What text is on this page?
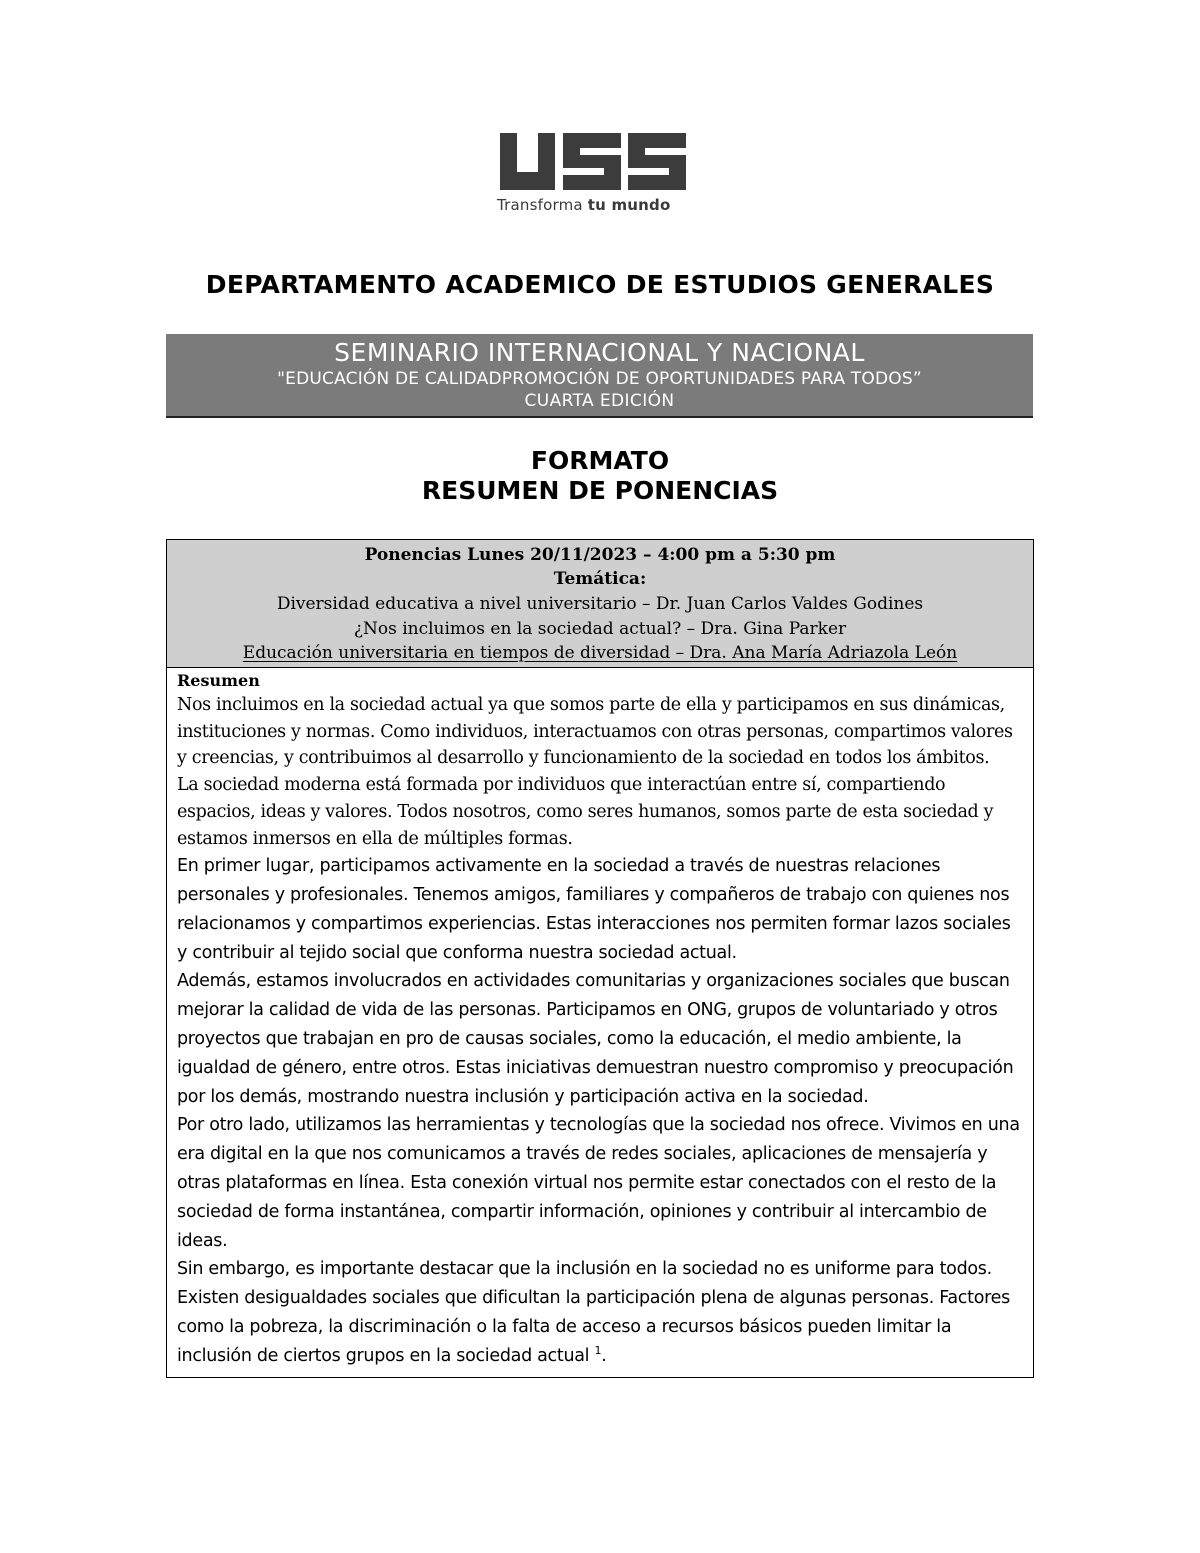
Transforma tu mundo
DEPARTAMENTO ACADEMICO DE ESTUDIOS GENERALES
SEMINARIO INTERNACIONAL Y NACIONAL
"EDUCACIÓN DE CALIDADPROMOCIÓN DE OPORTUNIDADES PARA TODOS”
CUARTA EDICIÓN
FORMATO
RESUMEN DE PONENCIAS
Ponencias Lunes 20/11/2023 – 4:00 pm a 5:30 pm
Temática:
Diversidad educativa a nivel universitario – Dr. Juan Carlos Valdes Godines
¿Nos incluimos en la sociedad actual? – Dra. Gina Parker
Educación universitaria en tiempos de diversidad – Dra. Ana María Adriazola León
Resumen

Nos incluimos en la sociedad actual ya que somos parte de ella y participamos en sus dinámicas, instituciones y normas. Como individuos, interactuamos con otras personas, compartimos valores y creencias, y contribuimos al desarrollo y funcionamiento de la sociedad en todos los ámbitos.

La sociedad moderna está formada por individuos que interactúan entre sí, compartiendo espacios, ideas y valores. Todos nosotros, como seres humanos, somos parte de esta sociedad y estamos inmersos en ella de múltiples formas.

En primer lugar, participamos activamente en la sociedad a través de nuestras relaciones personales y profesionales. Tenemos amigos, familiares y compañeros de trabajo con quienes nos relacionamos y compartimos experiencias. Estas interacciones nos permiten formar lazos sociales y contribuir al tejido social que conforma nuestra sociedad actual.

Además, estamos involucrados en actividades comunitarias y organizaciones sociales que buscan mejorar la calidad de vida de las personas. Participamos en ONG, grupos de voluntariado y otros proyectos que trabajan en pro de causas sociales, como la educación, el medio ambiente, la igualdad de género, entre otros. Estas iniciativas demuestran nuestro compromiso y preocupación por los demás, mostrando nuestra inclusión y participación activa en la sociedad.

Por otro lado, utilizamos las herramientas y tecnologías que la sociedad nos ofrece. Vivimos en una era digital en la que nos comunicamos a través de redes sociales, aplicaciones de mensajería y otras plataformas en línea. Esta conexión virtual nos permite estar conectados con el resto de la sociedad de forma instantánea, compartir información, opiniones y contribuir al intercambio de ideas.

Sin embargo, es importante destacar que la inclusión en la sociedad no es uniforme para todos. Existen desigualdades sociales que dificultan la participación plena de algunas personas. Factores como la pobreza, la discriminación o la falta de acceso a recursos básicos pueden limitar la inclusión de ciertos grupos en la sociedad actual $^1$.
